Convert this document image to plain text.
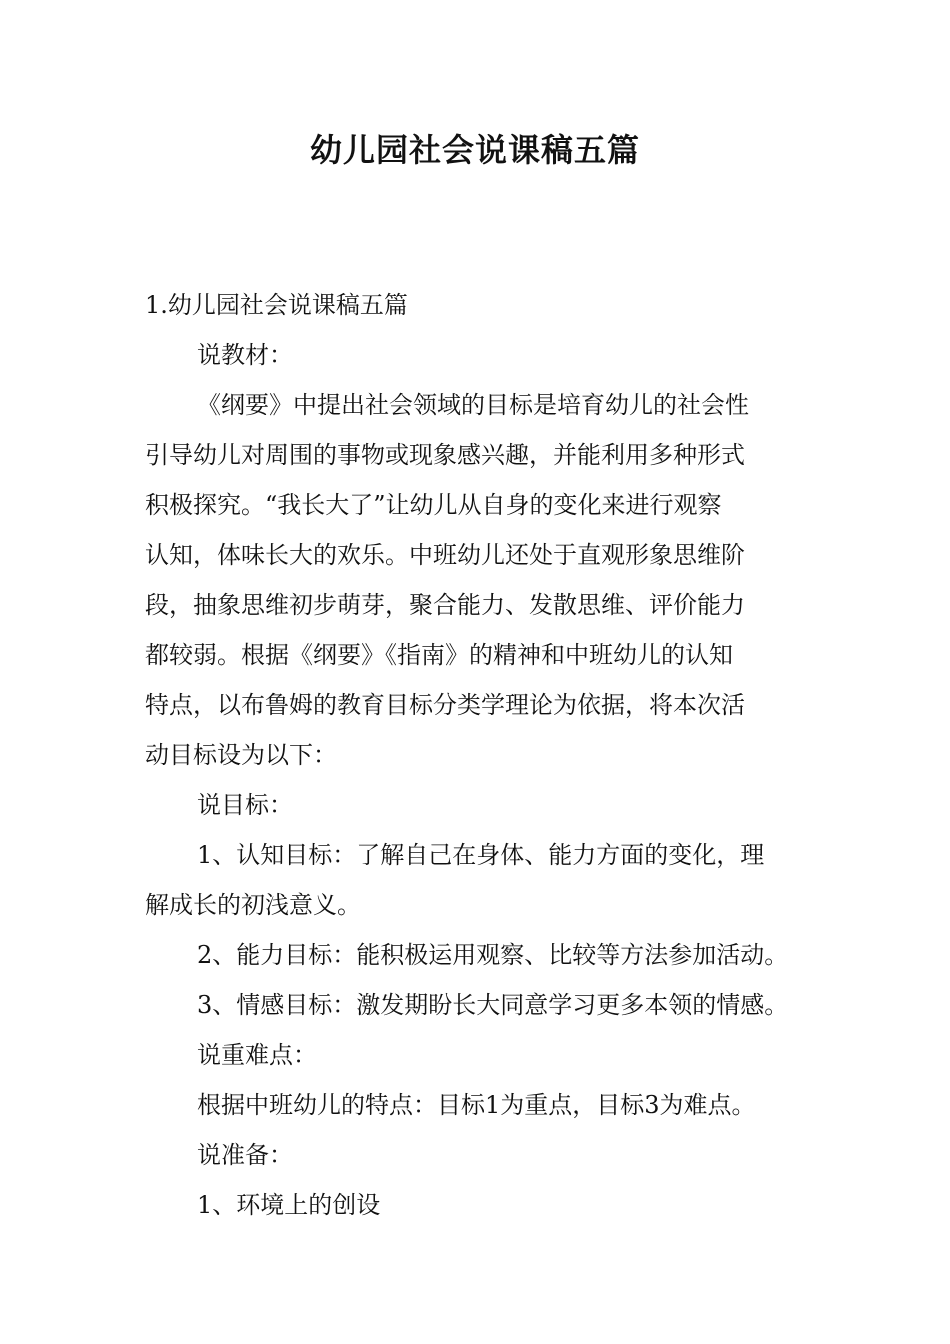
幼儿园社会说课稿五篇

1.幼儿园社会说课稿五篇

说教材：

《纲要》中提出社会领域的目标是培育幼儿的社会性

引导幼儿对周围的事物或现象感兴趣，并能利用多种形式

积极探究。“我长大了”让幼儿从自身的变化来进行观察

认知，体味长大的欢乐。中班幼儿还处于直观形象思维阶

段，抽象思维初步萌芽，聚合能力、发散思维、评价能力

都较弱。根据《纲要》《指南》的精神和中班幼儿的认知

特点，以布鲁姆的教育目标分类学理论为依据，将本次活

动目标设为以下：

说目标：

1、认知目标：了解自己在身体、能力方面的变化，理

解成长的初浅意义。

2、能力目标：能积极运用观察、比较等方法参加活动。

3、情感目标：激发期盼长大同意学习更多本领的情感。

说重难点：

根据中班幼儿的特点：目标1为重点，目标3为难点。

说准备：

1、环境上的创设
